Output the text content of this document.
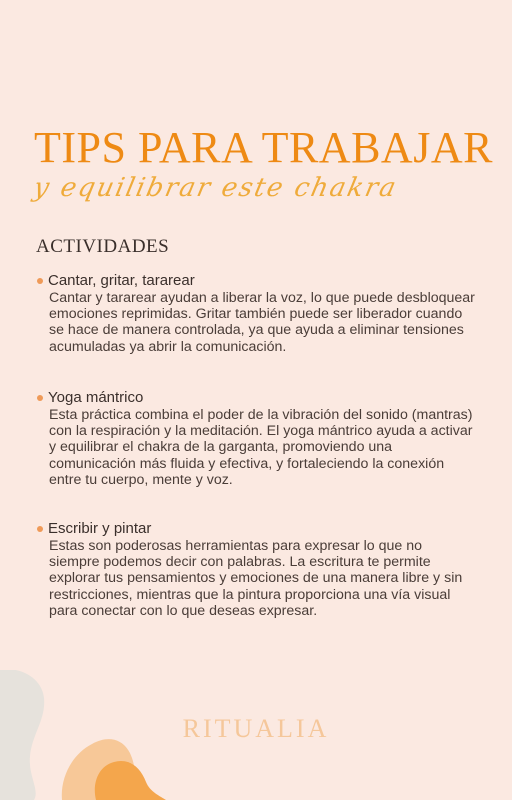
TIPS PARA TRABAJAR
y equilibrar este chakra
ACTIVIDADES
Cantar, gritar, tararear
Cantar y tararear ayudan a liberar la voz, lo que puede desbloquear emociones reprimidas. Gritar también puede ser liberador cuando se hace de manera controlada, ya que ayuda a eliminar tensiones acumuladas ya abrir la comunicación.
Yoga mántrico
Esta práctica combina el poder de la vibración del sonido (mantras) con la respiración y la meditación. El yoga mántrico ayuda a activar y equilibrar el chakra de la garganta, promoviendo una comunicación más fluida y efectiva, y fortaleciendo la conexión entre tu cuerpo, mente y voz.
Escribir y pintar
Estas son poderosas herramientas para expresar lo que no siempre podemos decir con palabras. La escritura te permite explorar tus pensamientos y emociones de una manera libre y sin restricciones, mientras que la pintura proporciona una vía visual para conectar con lo que deseas expresar.
RITUALIA
